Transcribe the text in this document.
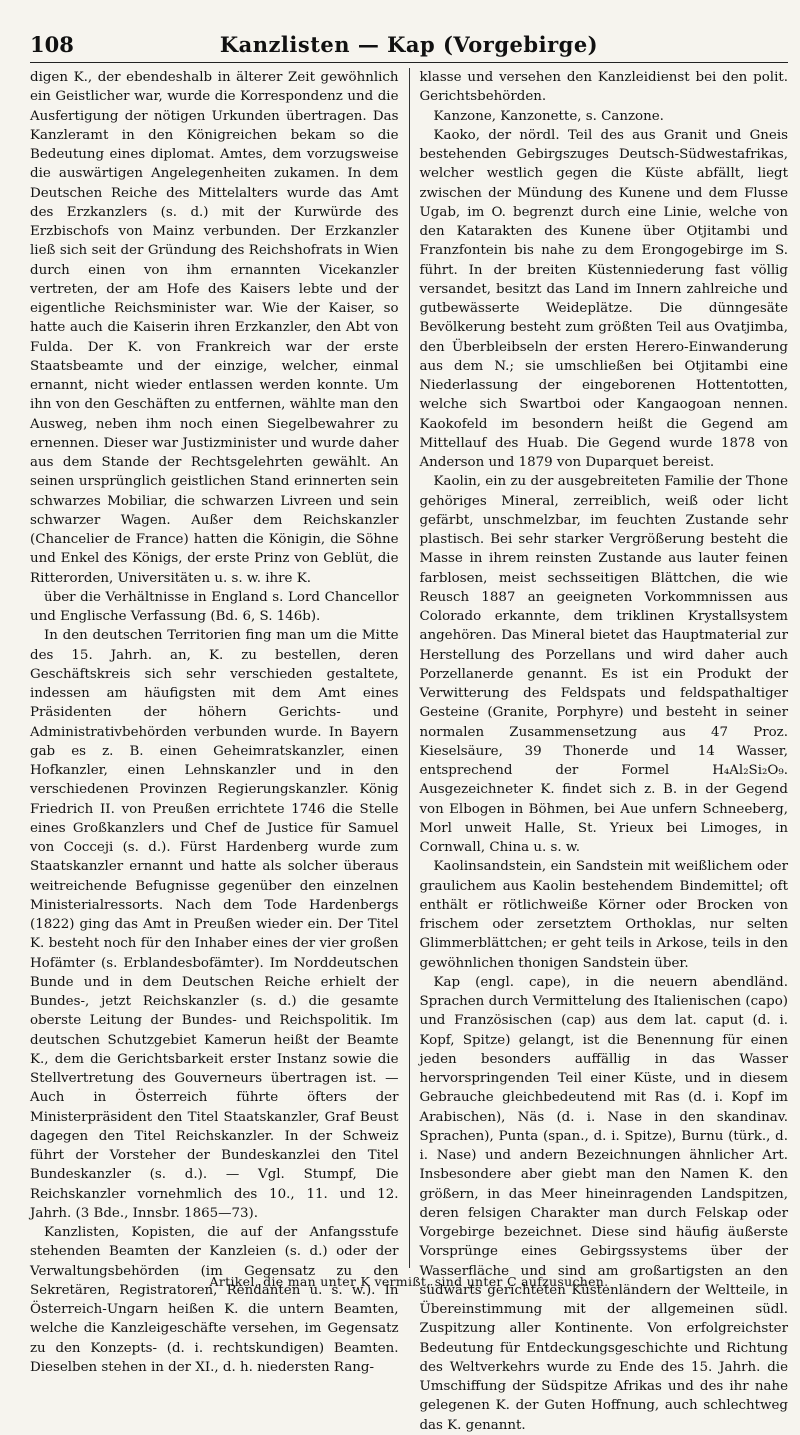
108	Kanzlisten — Kap (Vorgebirge)

digen K., der ebendeshalb in älterer Zeit gewöhnlich ein Geistlicher war, wurde die Korrespondenz und die Ausfertigung der nötigen Urkunden übertragen. Das Kanzleramt in den Königreichen bekam so die Bedeutung eines diplomat. Amtes, dem vorzugsweise die auswärtigen Angelegenheiten zukamen. In dem Deutschen Reiche des Mittelalters wurde das Amt des Erzkanzlers (s. d.) mit der Kurwürde des Erzbischofs von Mainz verbunden. Der Erzkanzler ließ sich seit der Gründung des Reichshofrats in Wien durch einen von ihm ernannten Vicekanzler vertreten, der am Hofe des Kaisers lebte und der eigentliche Reichsminister war. Wie der Kaiser, so hatte auch die Kaiserin ihren Erzkanzler, den Abt von Fulda. Der K. von Frankreich war der erste Staatsbeamte und der einzige, welcher, einmal ernannt, nicht wieder entlassen werden konnte. Um ihn von den Geschäften zu entfernen, wählte man den Ausweg, neben ihm noch einen Siegelbewahrer zu ernennen. Dieser war Justizminister und wurde daher aus dem Stande der Rechtsgelehrten gewählt. An seinen ursprünglich geistlichen Stand erinnerten sein schwarzes Mobiliar, die schwarzen Livreen und sein schwarzer Wagen. Außer dem Reichskanzler (Chancelier de France) hatten die Königin, die Söhne und Enkel des Königs, der erste Prinz von Geblüt, die Ritterorden, Universitäten u. s. w. ihre K.

über die Verhältnisse in England s. Lord Chancellor und Englische Verfassung (Bd. 6, S. 146b).

In den deutschen Territorien fing man um die Mitte des 15. Jahrh. an, K. zu bestellen, deren Geschäftskreis sich sehr verschieden gestaltete, indessen am häufigsten mit dem Amt eines Präsidenten der höhern Gerichts- und Administrativbehörden verbunden wurde. In Bayern gab es z. B. einen Geheimratskanzler, einen Hofkanzler, einen Lehnskanzler und in den verschiedenen Provinzen Regierungskanzler. König Friedrich II. von Preußen errichtete 1746 die Stelle eines Großkanzlers und Chef de Justice für Samuel von Cocceji (s. d.). Fürst Hardenberg wurde zum Staatskanzler ernannt und hatte als solcher überaus weitreichende Befugnisse gegenüber den einzelnen Ministerialressorts. Nach dem Tode Hardenbergs (1822) ging das Amt in Preußen wieder ein. Der Titel K. besteht noch für den Inhaber eines der vier großen Hofämter (s. Erblandesbofämter). Im Norddeutschen Bunde und in dem Deutschen Reiche erhielt der Bundes-, jetzt Reichskanzler (s. d.) die gesamte oberste Leitung der Bundes- und Reichspolitik. Im deutschen Schutzgebiet Kamerun heißt der Beamte K., dem die Gerichtsbarkeit erster Instanz sowie die Stellvertretung des Gouverneurs übertragen ist. — Auch in Österreich führte öfters der Ministerpräsident den Titel Staatskanzler, Graf Beust dagegen den Titel Reichskanzler. In der Schweiz führt der Vorsteher der Bundeskanzlei den Titel Bundeskanzler (s. d.). — Vgl. Stumpf, Die Reichskanzler vornehmlich des 10., 11. und 12. Jahrh. (3 Bde., Innsbr. 1865—73).

Kanzlisten, Kopisten, die auf der Anfangsstufe stehenden Beamten der Kanzleien (s. d.) oder der Verwaltungsbehörden (im Gegensatz zu den Sekretären, Registratoren, Rendanten u. s. w.). In Österreich-Ungarn heißen K. die untern Beamten, welche die Kanzleigeschäfte versehen, im Gegensatz zu den Konzepts- (d. i. rechtskundigen) Beamten. Dieselben stehen in der XI., d. h. niedersten Rang-

klasse und versehen den Kanzleidienst bei den polit. Gerichtsbehörden.

Kanzone, Kanzonette, s. Canzone.

Kaoko, der nördl. Teil des aus Granit und Gneis bestehenden Gebirgszuges Deutsch-Südwestafrikas, welcher westlich gegen die Küste abfällt, liegt zwischen der Mündung des Kunene und dem Flusse Ugab, im O. begrenzt durch eine Linie, welche von den Katarakten des Kunene über Otjitambi und Franzfontein bis nahe zu dem Erongogebirge im S. führt. In der breiten Küstenniederung fast völlig versandet, besitzt das Land im Innern zahlreiche und gutbewässerte Weideplätze. Die dünngesäte Bevölkerung besteht zum größten Teil aus Ovatjimba, den Überbleibseln der ersten Herero-Einwanderung aus dem N.; sie umschließen bei Otjitambi eine Niederlassung der eingeborenen Hottentotten, welche sich Swartboi oder Kangaogoan nennen. Kaokofeld im besondern heißt die Gegend am Mittellauf des Huab. Die Gegend wurde 1878 von Anderson und 1879 von Duparquet bereist.

Kaolin, ein zu der ausgebreiteten Familie der Thone gehöriges Mineral, zerreiblich, weiß oder licht gefärbt, unschmelzbar, im feuchten Zustande sehr plastisch. Bei sehr starker Vergrößerung besteht die Masse in ihrem reinsten Zustande aus lauter feinen farblosen, meist sechsseitigen Blättchen, die wie Reusch 1887 an geeigneten Vorkommnissen aus Colorado erkannte, dem triklinen Krystallsystem angehören. Das Mineral bietet das Hauptmaterial zur Herstellung des Porzellans und wird daher auch Porzellanerde genannt. Es ist ein Produkt der Verwitterung des Feldspats und feldspathaltiger Gesteine (Granite, Porphyre) und besteht in seiner normalen Zusammensetzung aus 47 Proz. Kieselsäure, 39 Thonerde und 14 Wasser, entsprechend der Formel H₄Al₂Si₂O₉. Ausgezeichneter K. findet sich z. B. in der Gegend von Elbogen in Böhmen, bei Aue unfern Schneeberg, Morl unweit Halle, St. Yrieux bei Limoges, in Cornwall, China u. s. w.

Kaolinsandstein, ein Sandstein mit weißlichem oder graulichem aus Kaolin bestehendem Bindemittel; oft enthält er rötlichweiße Körner oder Brocken von frischem oder zersetztem Orthoklas, nur selten Glimmerblättchen; er geht teils in Arkose, teils in den gewöhnlichen thonigen Sandstein über.

Kap (engl. cape), in die neuern abendländ. Sprachen durch Vermittelung des Italienischen (capo) und Französischen (cap) aus dem lat. caput (d. i. Kopf, Spitze) gelangt, ist die Benennung für einen jeden besonders auffällig in das Wasser hervorspringenden Teil einer Küste, und in diesem Gebrauche gleichbedeutend mit Ras (d. i. Kopf im Arabischen), Näs (d. i. Nase in den skandinav. Sprachen), Punta (span., d. i. Spitze), Burnu (türk., d. i. Nase) und andern Bezeichnungen ähnlicher Art. Insbesondere aber giebt man den Namen K. den größern, in das Meer hineinragenden Landspitzen, deren felsigen Charakter man durch Felskap oder Vorgebirge bezeichnet. Diese sind häufig äußerste Vorsprünge eines Gebirgssystems über der Wasserfläche und sind am großartigsten an den südwärts gerichteten Küstenländern der Weltteile, in Übereinstimmung mit der allgemeinen südl. Zuspitzung aller Kontinente. Von erfolgreichster Bedeutung für Entdeckungsgeschichte und Richtung des Weltverkehrs wurde zu Ende des 15. Jahrh. die Umschiffung der Südspitze Afrikas und des ihr nahe gelegenen K. der Guten Hoffnung, auch schlechtweg das K. genannt.

Artikel, die man unter K vermißt, sind unter C aufzusuchen.
